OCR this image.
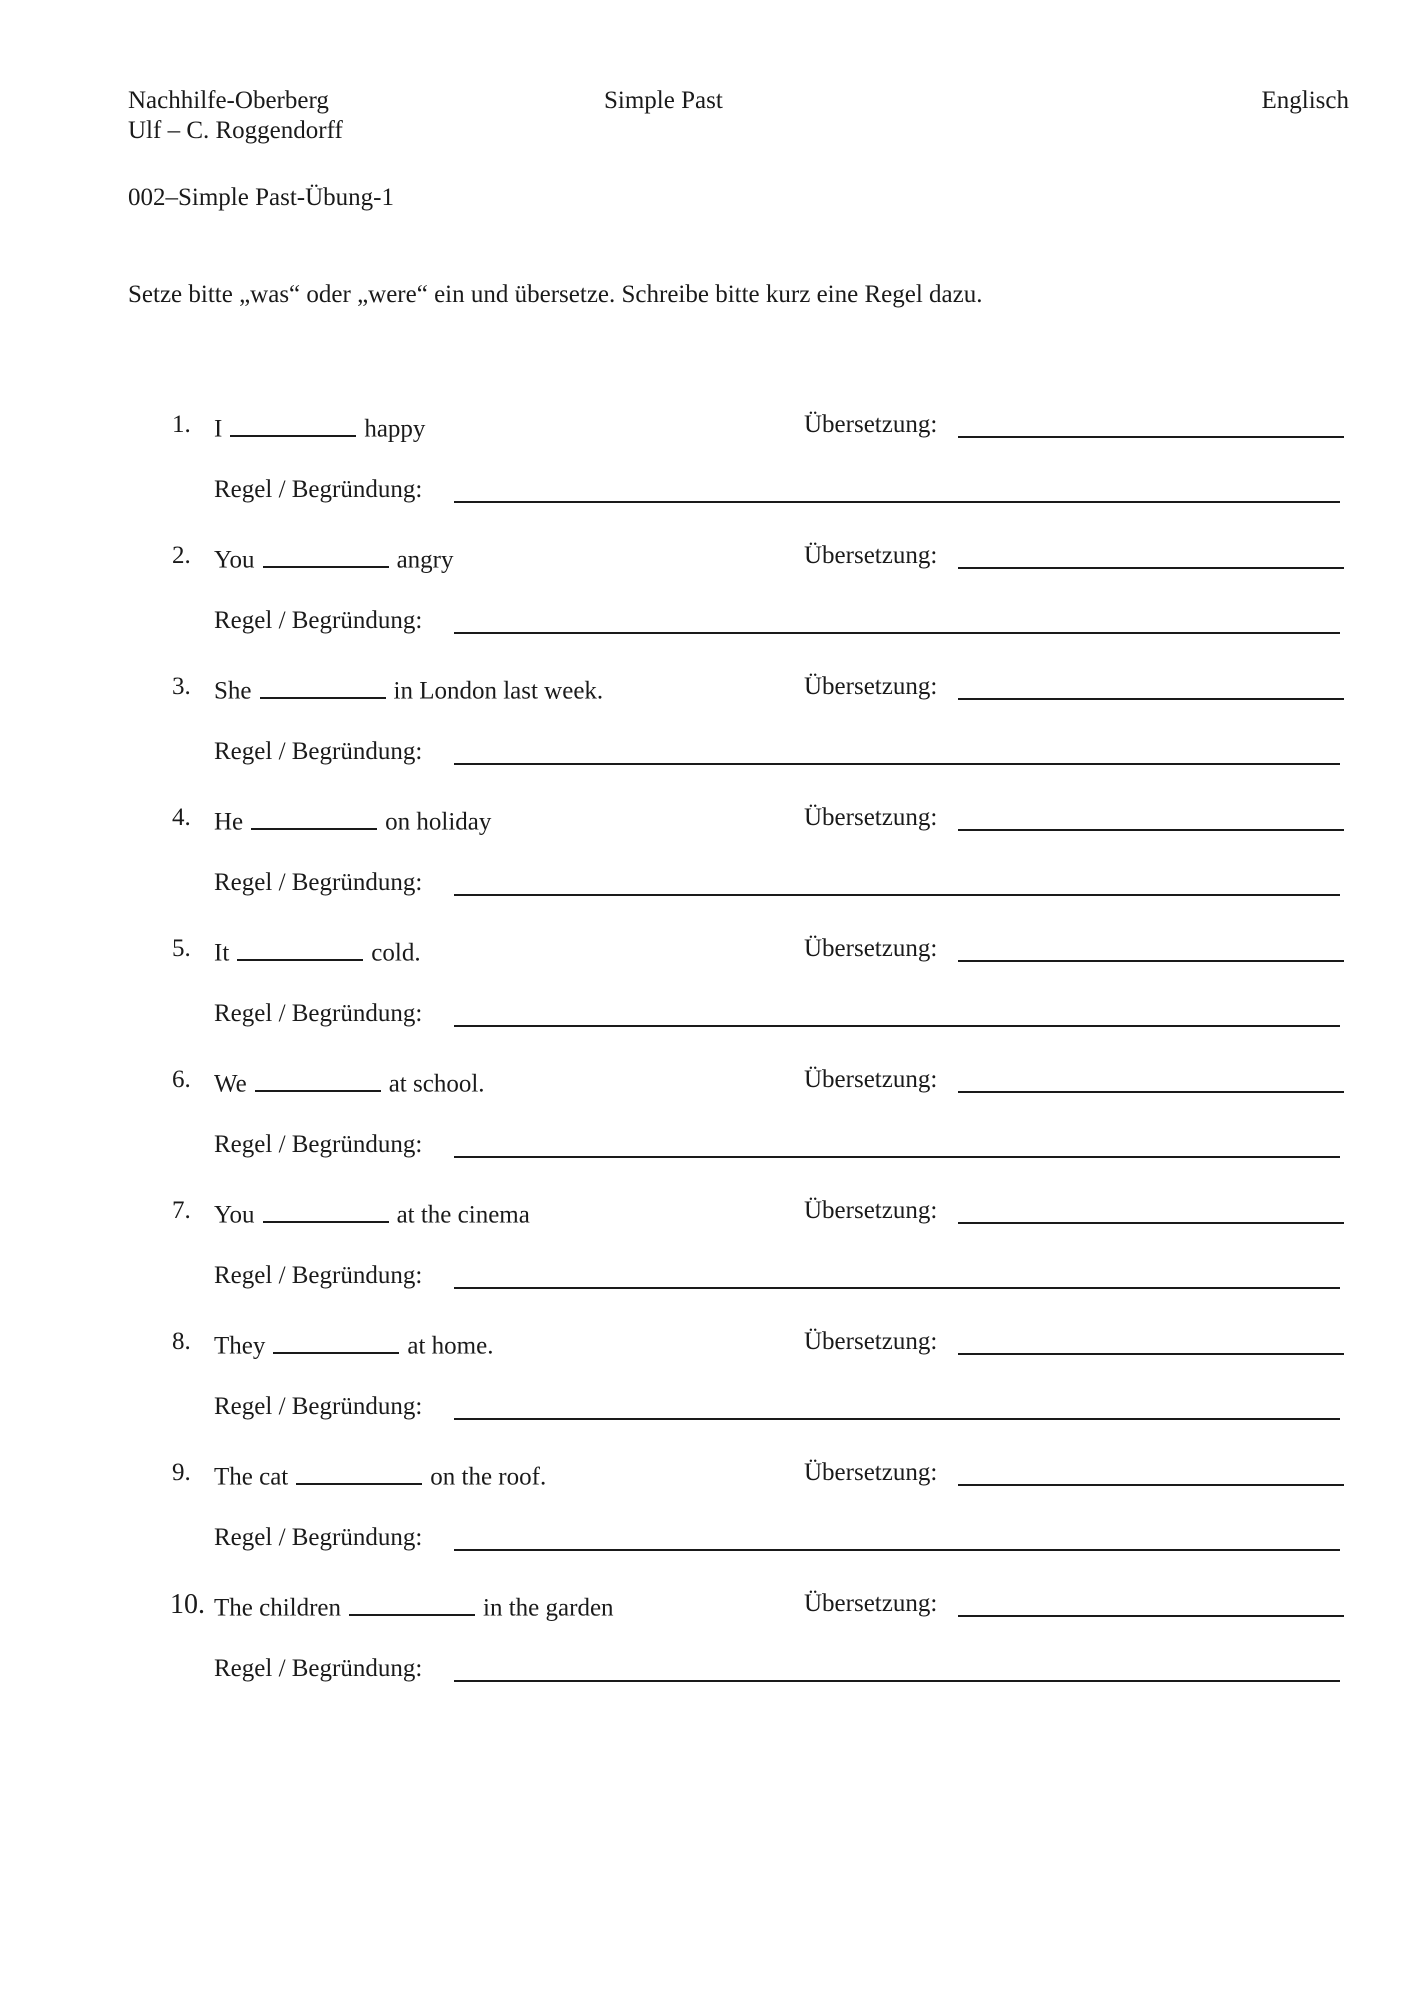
Nachhilfe-Oberberg
Ulf – C. Roggendorff
Simple Past	Englisch
002–Simple Past-Übung-1
Setze bitte „was“ oder „were“ ein und übersetze. Schreibe bitte kurz eine Regel dazu.
1. I	happy	Übersetzung:
Regel / Begründung:
2. You	angry	Übersetzung:
Regel / Begründung:
3. She	in London last week.	Übersetzung:
Regel / Begründung:
4. He	on holiday	Übersetzung:
Regel / Begründung:
5. It	cold.	Übersetzung:
Regel / Begründung:
6. We	at school.	Übersetzung:
Regel / Begründung:
7. You	at the cinema	Übersetzung:
Regel / Begründung:
8. They	at home.	Übersetzung:
Regel / Begründung:
9. The cat	on the roof.	Übersetzung:
Regel / Begründung:
10. The children	in the garden	Übersetzung:
Regel / Begründung:
